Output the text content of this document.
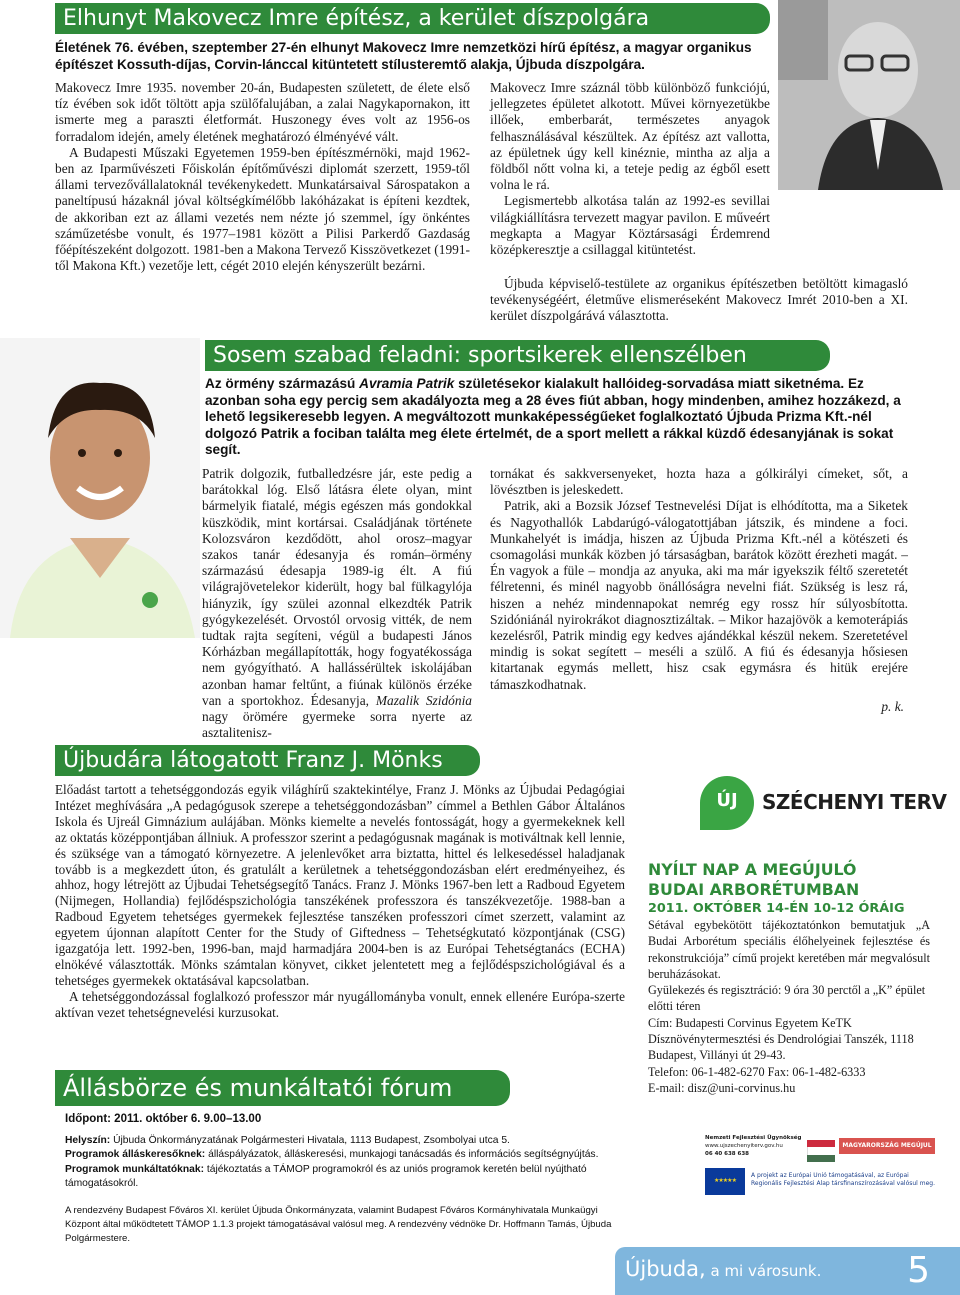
Elhunyt Makovecz Imre építész, a kerület díszpolgára
Életének 76. évében, szeptember 27-én elhunyt Makovecz Imre nemzetközi hírű építész, a magyar organikus építészet Kossuth-díjas, Corvin-lánccal kitüntetett stílusteremtő alakja, Újbuda díszpolgára.

Makovecz Imre 1935. november 20-án, Budapesten született, de élete első tíz évében sok időt töltött apja szülőfalujában, a zalai Nagykapornakon, itt ismerte meg a paraszti életformát. Huszonegy éves volt az 1956-os forradalom idején, amely életének meghatározó élményévé vált.

A Budapesti Műszaki Egyetemen 1959-ben építészmérnöki, majd 1962-ben az Iparművészeti Főiskolán építőművészi diplomát szerzett, 1959-től állami tervezővállalatoknál tevékenykedett. Munkatársaival Sárospatakon a paneltípusú házaknál jóval költségkímélőbb lakóházakat is építeni kezdtek, de akkoriban ezt az állami vezetés nem nézte jó szemmel, így önkéntes száműzetésbe vonult, és 1977–1981 között a Pilisi Parkerdő Gazdaság főépítészeként dolgozott. 1981-ben a Makona Tervező Kisszövetkezet (1991-től Makona Kft.) vezetője lett, cégét 2010 elején kényszerült bezárni.

Makovecz Imre száznál több különböző funkciójú, jellegzetes épületet alkotott. Művei környezetükbe illőek, emberbarát, természetes anyagok felhasználásával készültek. Az építész azt vallotta, az épületnek úgy kell kinéznie, mintha az alja a földből nőtt volna ki, a teteje pedig az égből esett volna le rá.

Legismertebb alkotása talán az 1992-es sevillai világkiállításra tervezett magyar pavilon. E műveért megkapta a Magyar Köztársasági Érdemrend középkeresztje a csillaggal kitüntetést.

Újbuda képviselő-testülete az organikus építészetben betöltött kimagasló tevékenységéért, életműve elismeréseként Makovecz Imrét 2010-ben a XI. kerület díszpolgárává választotta.

Sosem szabad feladni: sportsikerek ellenszélben
Az örmény származású Avramia Patrik születésekor kialakult hallóideg-sorvadása miatt siketnéma. Ez azonban soha egy percig sem akadályozta meg a 28 éves fiút abban, hogy mindenben, amihez hozzákezd, a lehető legsikeresebb legyen. A megváltozott munkaképességűeket foglalkoztató Újbuda Prizma Kft.-nél dolgozó Patrik a fociban találta meg élete értelmét, de a sport mellett a rákkal küzdő édesanyjának is sokat segít.

Patrik dolgozik, futballedzésre jár, este pedig a barátokkal lóg. Első látásra élete olyan, mint bármelyik fiatalé, mégis egészen más gondokkal küszködik, mint kortársai. Családjának története Kolozsváron kezdődött, ahol orosz–magyar szakos tanár édesanyja és román–örmény származású édesapja 1989-ig élt. A fiú világrajövetelekor kiderült, hogy bal fülkagylója hiányzik, így szülei azonnal elkezdték Patrik gyógykezelését. Orvostól orvosig vitték, de nem tudtak rajta segíteni, végül a budapesti János Kórházban megállapították, hogy fogyatékossága nem gyógyítható. A hallássérültek iskolájában azonban hamar feltűnt, a fiúnak különös érzéke van a sportokhoz. Édesanyja, Mazalik Szidónia nagy örömére gyermeke sorra nyerte az asztalitenisz-

tornákat és sakkversenyeket, hozta haza a gólkirályi címeket, sőt, a lövésztben is jeleskedett.

Patrik, aki a Bozsik József Testnevelési Díjat is elhódította, ma a Siketek és Nagyothallók Labdarúgó-válogatottjában játszik, és mindene a foci. Munkahelyét is imádja, hiszen az Újbuda Prizma Kft.-nél a kötészeti és csomagolási munkák közben jó társaságban, barátok között érezheti magát. – Én vagyok a füle – mondja az anyuka, aki ma már igyekszik féltő szeretetét félretenni, és minél nagyobb önállóságra nevelni fiát. Szükség is lesz rá, hiszen a nehéz mindennapokat nemrég egy rossz hír súlyosbította. Szidóniánál nyirokrákot diagnosztizáltak. – Mikor hazajövök a kemoterápiás kezelésről, Patrik mindig egy kedves ajándékkal készül nekem. Szeretetével mindig is sokat segített – meséli a szülő. A fiú és édesanyja hősiesen kitartanak egymás mellett, hisz csak egymásra és hitük erejére támaszkodhatnak.

p. k.

Újbudára látogatott Franz J. Mönks

Előadást tartott a tehetséggondozás egyik világhírű szaktekintélye, Franz J. Mönks az Újbudai Pedagógiai Intézet meghívására „A pedagógusok szerepe a tehetséggondozásban” címmel a Bethlen Gábor Általános Iskola és Ujreál Gimnázium aulájában. Mönks kiemelte a nevelés fontosságát, hogy a gyermekeknek kell az oktatás középpontjában állniuk. A professzor szerint a pedagógusnak magának is motiváltnak kell lennie, és szüksége van a támogató környezetre. A jelenlevőket arra biztatta, hittel és lelkesedéssel haladjanak tovább is a megkezdett úton, és gratulált a kerületnek a tehetséggondozásban elért eredményeihez, és ahhoz, hogy létrejött az Újbudai Tehetségsegítő Tanács. Franz J. Mönks 1967-ben lett a Radboud Egyetem (Nijmegen, Hollandia) fejlődéspszichológia tanszékének professzora és tanszékvezetője. 1988-ban a Radboud Egyetem tehetséges gyermekek fejlesztése tanszéken professzori címet szerzett, valamint az egyetem újonnan alapított Center for the Study of Giftedness – Tehetségkutató központjának (CSG) igazgatója lett. 1992-ben, 1996-ban, majd harmadjára 2004-ben is az Európai Tehetségtanács (ECHA) elnökévé választották. Mönks számtalan könyvet, cikket jelentetett meg a fejlődéspszichológiával és a tehetséges gyermekek oktatásával kapcsolatban.

A tehetséggondozással foglalkozó professzor már nyugállományba vonult, ennek ellenére Európa-szerte aktívan vezet tehetségnevelési kurzusokat.

Állásbörze és munkáltatói fórum
Időpont: 2011. október 6. 9.00–13.00
Helyszín: Újbuda Önkormányzatának Polgármesteri Hivatala, 1113 Budapest, Zsombolyai utca 5.
Programok álláskeresőknek: álláspályázatok, álláskeresési, munkajogi tanácsadás és információs segítségnyújtás.
Programok munkáltatóknak: tájékoztatás a TÁMOP programokról és az uniós programok keretén belül nyújtható támogatásokról.
A rendezvény Budapest Főváros XI. kerület Újbuda Önkormányzata, valamint Budapest Főváros Kormányhivatala Munkaügyi Központ által működtetett TÁMOP 1.1.3 projekt támogatásával valósul meg. A rendezvény védnöke Dr. Hoffmann Tamás, Újbuda Polgármestere.
ÚJ	SZÉCHENYI TERV
NYÍLT NAP A MEGÚJULÓ
BUDAI ARBORÉTUMBAN
2011. OKTÓBER 14-ÉN 10-12 ÓRÁIG
Sétával egybekötött tájékoztatónkon bemutatjuk „A Budai Arborétum speciális élőhelyeinek fejlesztése és rekonstrukciója” című projekt keretében már megvalósult beruházásokat.
Gyülekezés és regisztráció: 9 óra 30 perctől a „K” épület előtti téren
Cím: Budapesti Corvinus Egyetem KeTK Dísznövénytermesztési és Dendrológiai Tanszék, 1118 Budapest, Villányi út 29-43.
Telefon: 06-1-482-6270 Fax: 06-1-482-6333
E-mail: disz@uni-corvinus.hu
Nemzeti Fejlesztési Ügynökség
www.ujszechenyiterv.gov.hu
06 40 638 638
MAGYARORSZÁG MEGÚJUL
★★★★★
A projekt az Európai Unió támogatásával, az Európai Regionális Fejlesztési Alap társfinanszírozásával valósul meg.
Újbuda, a mi városunk. 5
